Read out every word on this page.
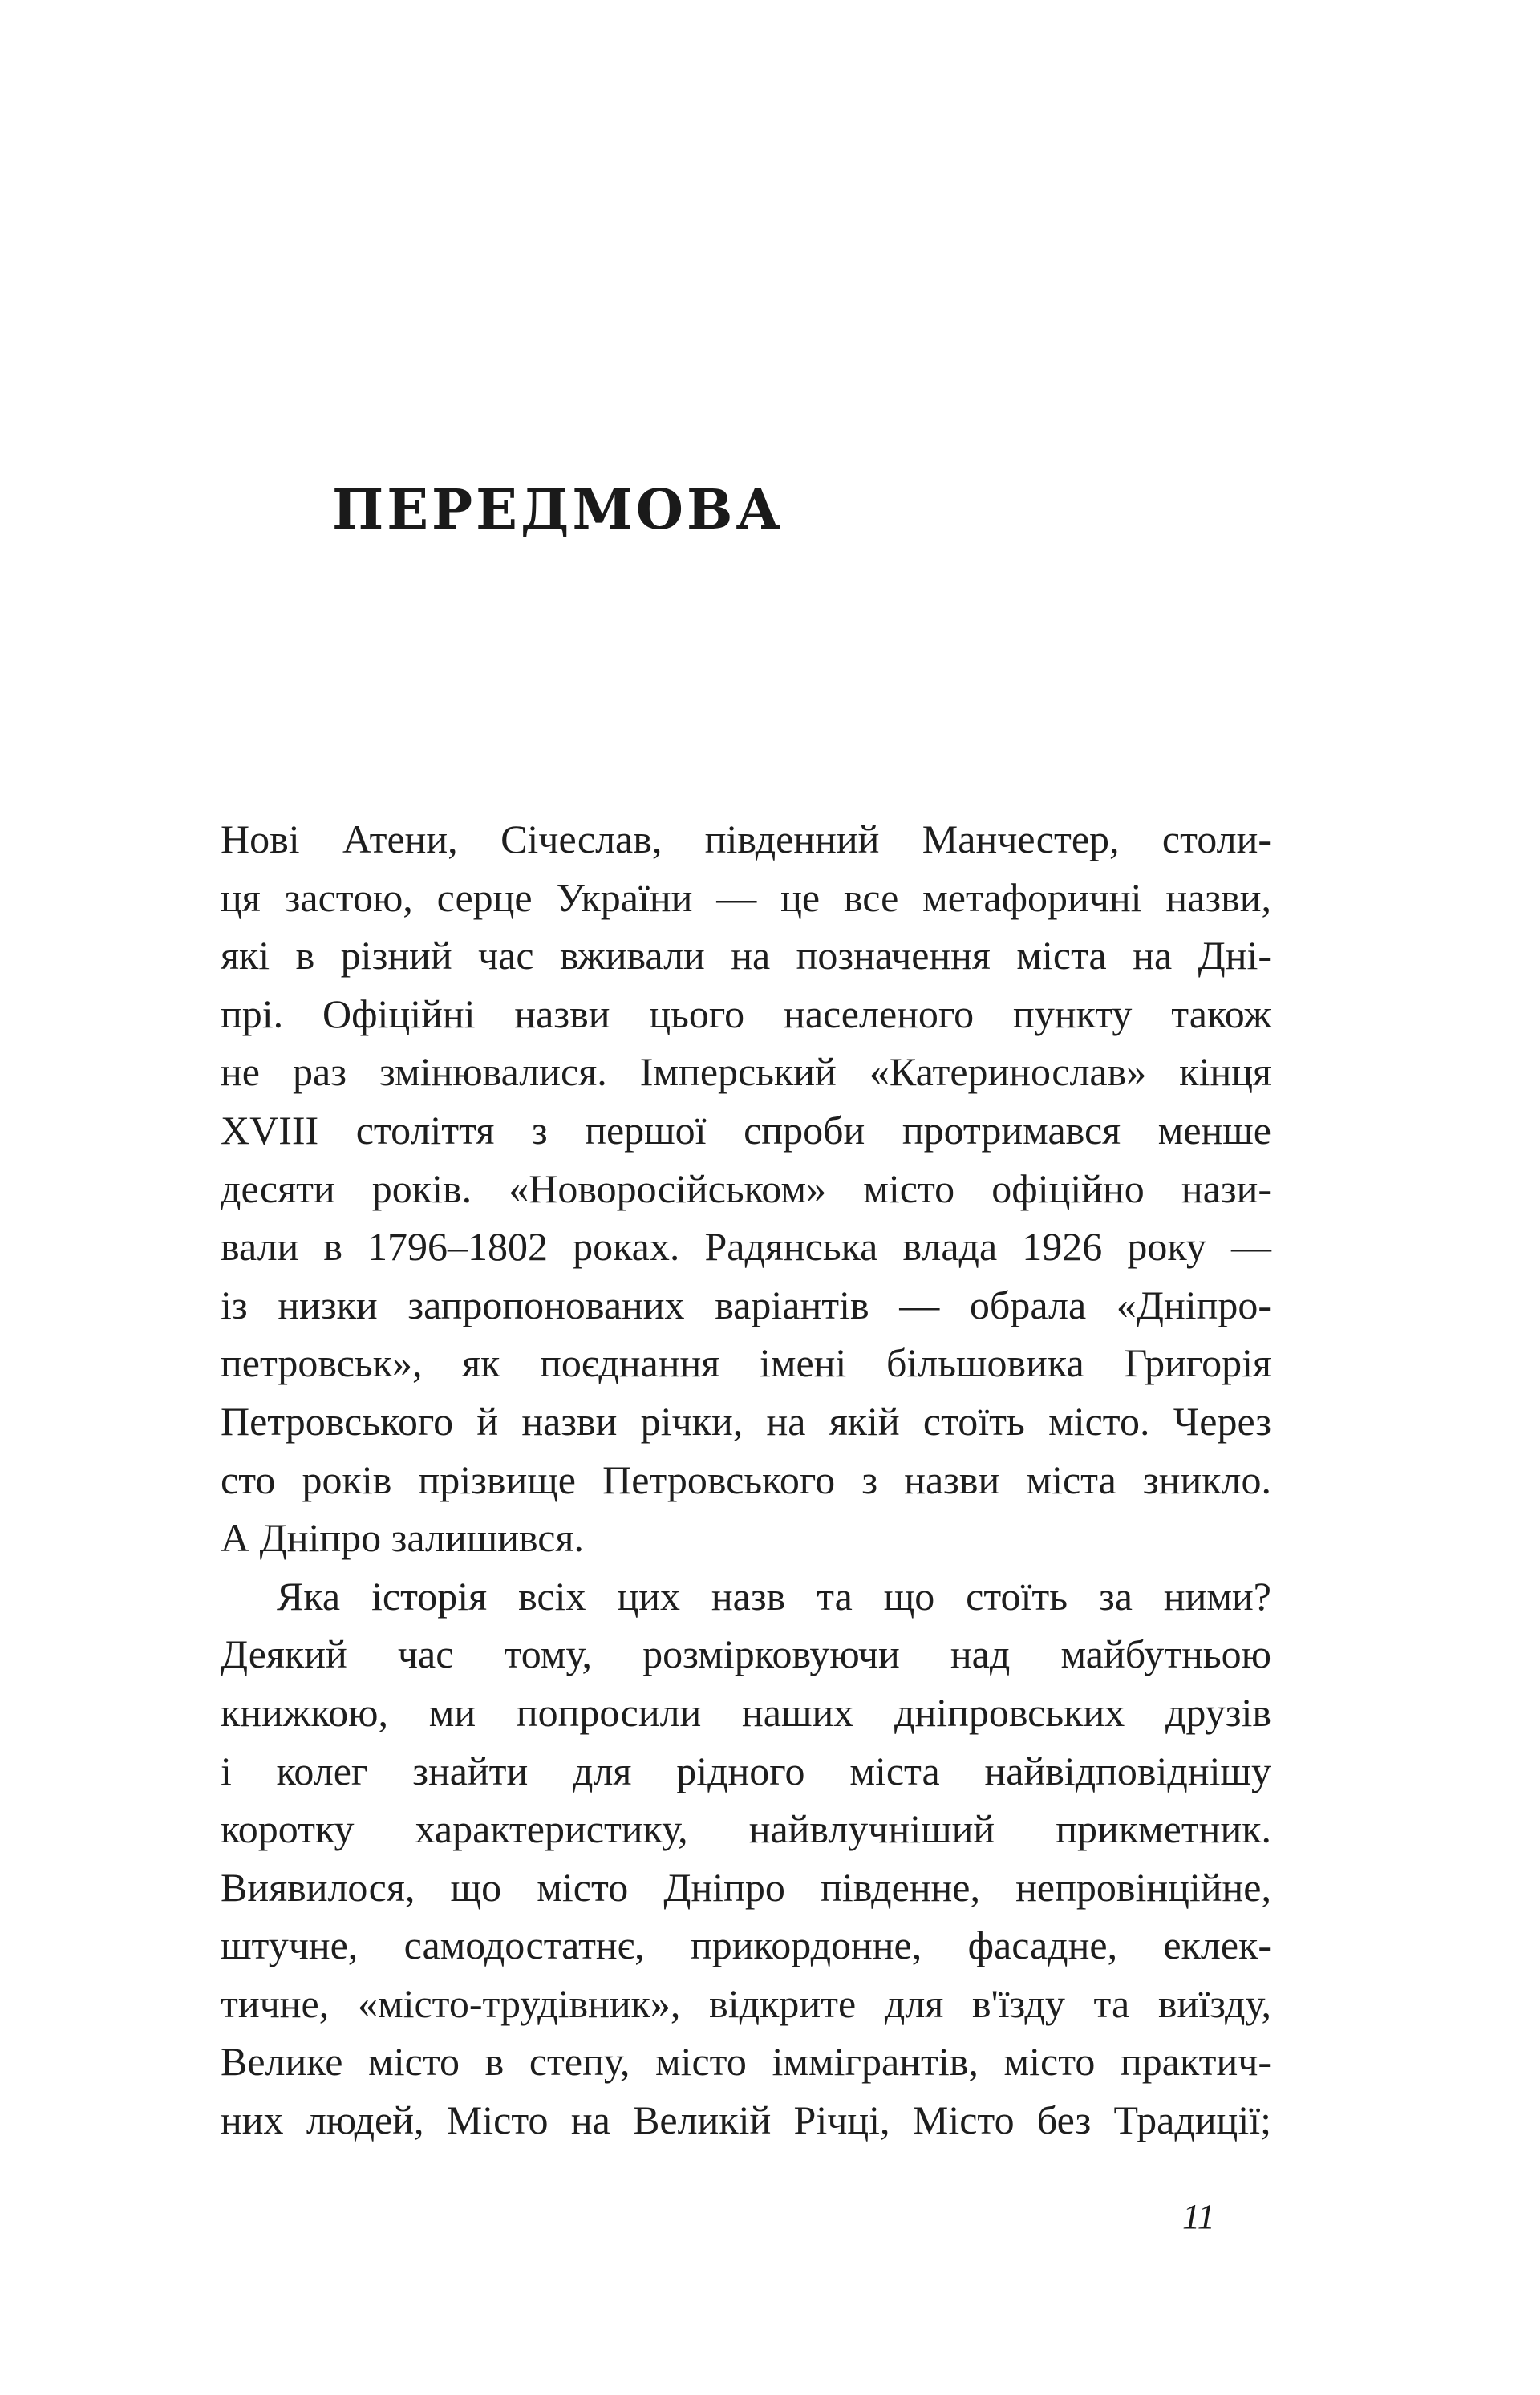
ПЕРЕДМОВА
Нові Атени, Січеслав, південний Манчестер, столи-
ця застою, серце України — це все метафоричні назви,
які в різний час вживали на позначення міста на Дні-
прі. Офіційні назви цього населеного пункту також
не раз змінювалися. Імперський «Катеринослав» кінця
XVIII століття з першої спроби протримався менше
десяти років. «Новоросійськом» місто офіційно нази-
вали в 1796–1802 роках. Радянська влада 1926 року —
із низки запропонованих варіантів — обрала «Дніпро-
петровськ», як поєднання імені більшовика Григорія
Петровського й назви річки, на якій стоїть місто. Через
сто років прізвище Петровського з назви міста зникло.
А Дніпро залишився.
Яка історія всіх цих назв та що стоїть за ними?
Деякий час тому, розмірковуючи над майбутньою
книжкою, ми попросили наших дніпровських друзів
і колег знайти для рідного міста найвідповіднішу
коротку характеристику, найвлучніший прикметник.
Виявилося, що місто Дніпро південне, непровінційне,
штучне, самодостатнє, прикордонне, фасадне, еклек-
тичне, «місто-трудівник», відкрите для в'їзду та виїзду,
Велике місто в степу, місто іммігрантів, місто практич-
них людей, Місто на Великій Річці, Місто без Традиції;
11
